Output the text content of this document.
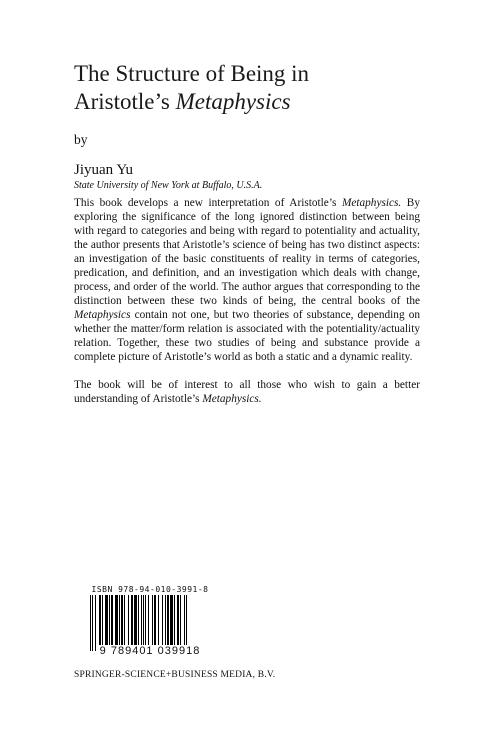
The Structure of Being in
Aristotle’s Metaphysics
by
Jiyuan Yu
State University of New York at Buffalo, U.S.A.

This book develops a new interpretation of Aristotle’s Metaphysics. By exploring the significance of the long ignored distinction between being with regard to categories and being with regard to potentiality and actuality, the author presents that Aristotle’s science of being has two distinct aspects: an investigation of the basic constituents of reality in terms of categories, predication, and definition, and an investigation which deals with change, process, and order of the world. The author argues that corresponding to the distinction between these two kinds of being, the central books of the Metaphysics contain not one, but two theories of substance, depending on whether the matter/form relation is associated with the potentiality/actuality relation. Together, these two studies of being and substance provide a complete picture of Aristotle’s world as both a static and a dynamic reality.

The book will be of interest to all those who wish to gain a better understanding of Aristotle’s Metaphysics.

ISBN 978-94-010-3991-8
9 789401 039918
SPRINGER-SCIENCE+BUSINESS MEDIA, B.V.
